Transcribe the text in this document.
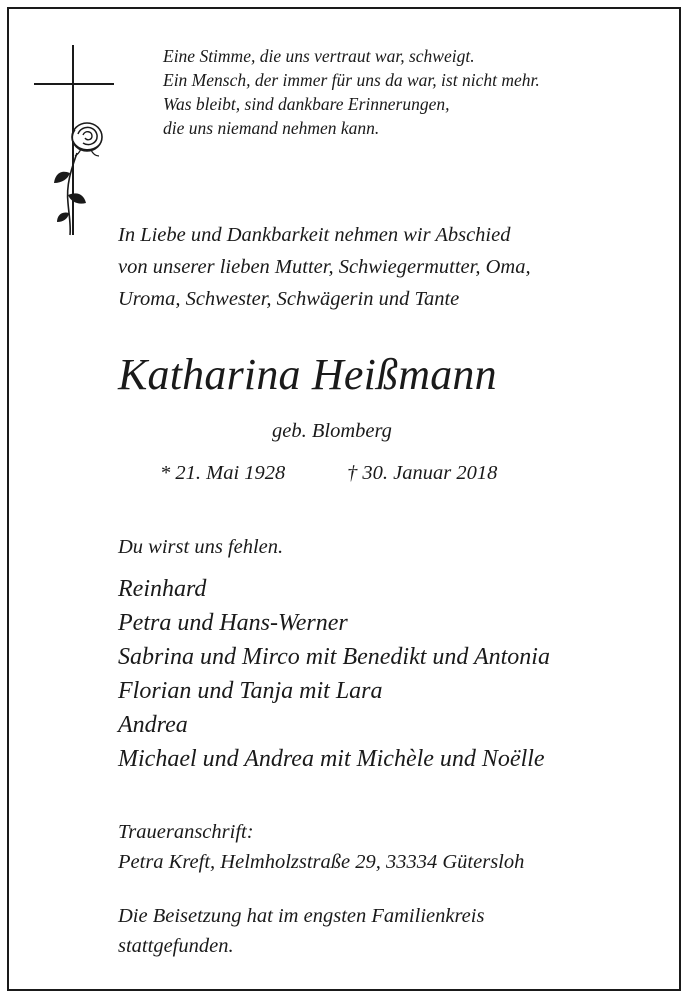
Eine Stimme, die uns vertraut war, schweigt.
Ein Mensch, der immer für uns da war, ist nicht mehr.
Was bleibt, sind dankbare Erinnerungen,
die uns niemand nehmen kann.
In Liebe und Dankbarkeit nehmen wir Abschied
von unserer lieben Mutter, Schwiegermutter, Oma,
Uroma, Schwester, Schwägerin und Tante
Katharina Heißmann
geb. Blomberg
* 21. Mai 1928	† 30. Januar 2018
Du wirst uns fehlen.
Reinhard
Petra und Hans-Werner
Sabrina und Mirco mit Benedikt und Antonia
Florian und Tanja mit Lara
Andrea
Michael und Andrea mit Michèle und Noëlle
Traueranschrift:
Petra Kreft, Helmholzstraße 29, 33334 Gütersloh
Die Beisetzung hat im engsten Familienkreis
stattgefunden.
